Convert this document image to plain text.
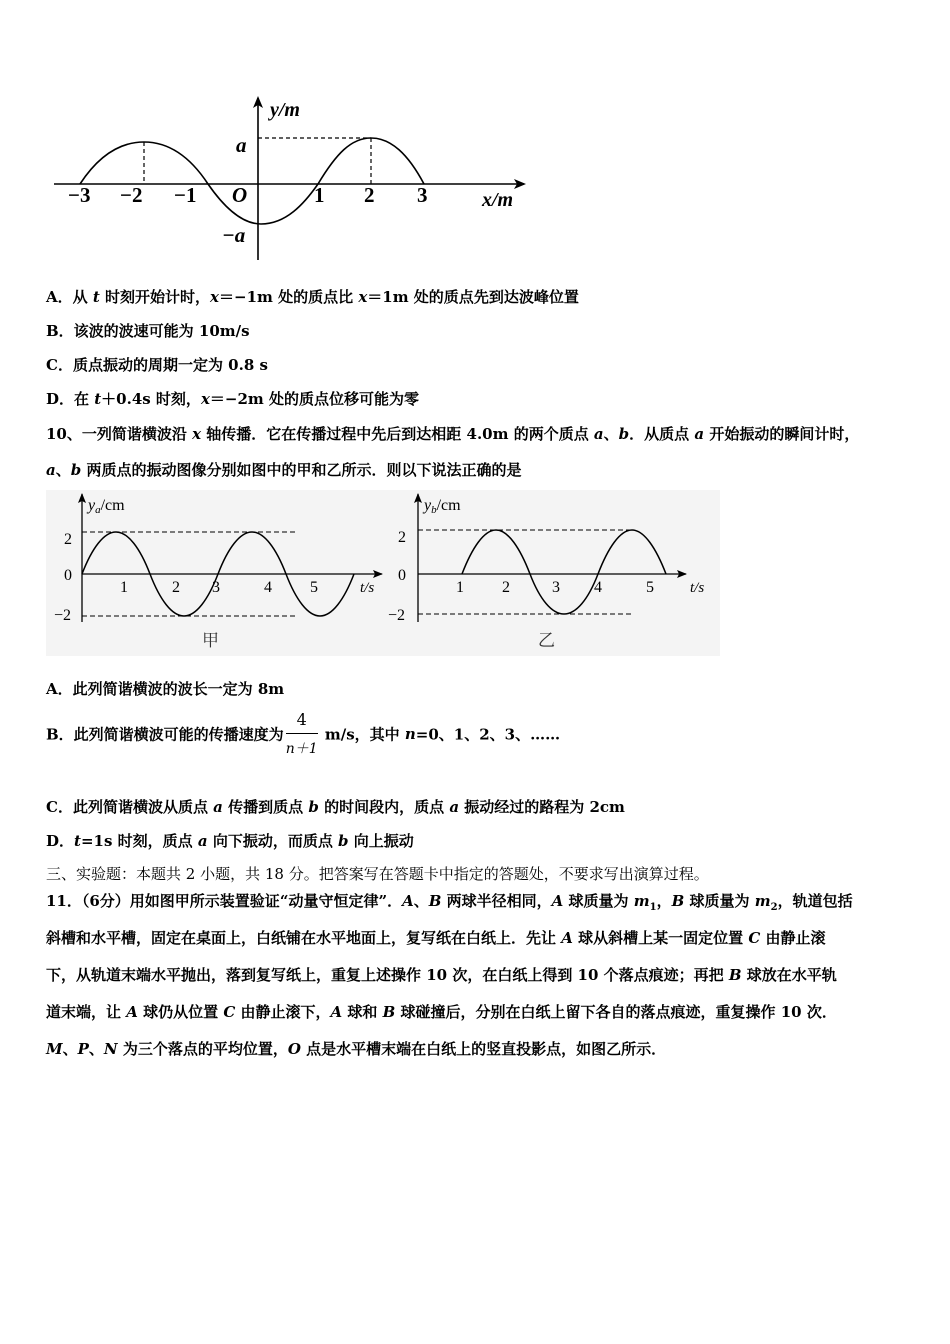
y/m
x/m
a
−a
O
−3 −2 −1	1 2 3
A．从 t 时刻开始计时，x＝−1m 处的质点比 x＝1m 处的质点先到达波峰位置
B．该波的波速可能为 10m/s
C．质点振动的周期一定为 0.8 s
D．在 t＋0.4s 时刻，x＝−2m 处的质点位移可能为零
10、一列简谐横波沿 x 轴传播．它在传播过程中先后到达相距 4.0m 的两个质点 a、b．从质点 a 开始振动的瞬间计时，
a、b 两质点的振动图像分别如图中的甲和乙所示．则以下说法正确的是
ya/cm
2
0
−2
1	2 3	4 5	t/s
甲
yb/cm
2
0
−2
1 2	3 4	5 t/s
乙
A．此列简谐横波的波长一定为 8m
B．此列简谐横波可能的传播速度为 $\frac{4}{n+1} m/s$，其中 n=0、1、2、3、……
C．此列简谐横波从质点 a 传播到质点 b 的时间段内，质点 a 振动经过的路程为 2cm
D．t=1s 时刻，质点 a 向下振动，而质点 b 向上振动
三、实验题：本题共 2 小题，共 18 分。把答案写在答题卡中指定的答题处，不要求写出演算过程。
11．（6分）用如图甲所示装置验证“动量守恒定律”．A、B 两球半径相同，A 球质量为 $m_1$，B 球质量为 $m_2$，轨道包括
斜槽和水平槽，固定在桌面上，白纸铺在水平地面上，复写纸在白纸上．先让 A 球从斜槽上某一固定位置 C 由静止滚
下，从轨道末端水平抛出，落到复写纸上，重复上述操作 10 次，在白纸上得到 10 个落点痕迹；再把 B 球放在水平轨
道末端，让 A 球仍从位置 C 由静止滚下，A 球和 B 球碰撞后，分别在白纸上留下各自的落点痕迹，重复操作 10 次．
M、P、N 为三个落点的平均位置，O 点是水平槽末端在白纸上的竖直投影点，如图乙所示．
